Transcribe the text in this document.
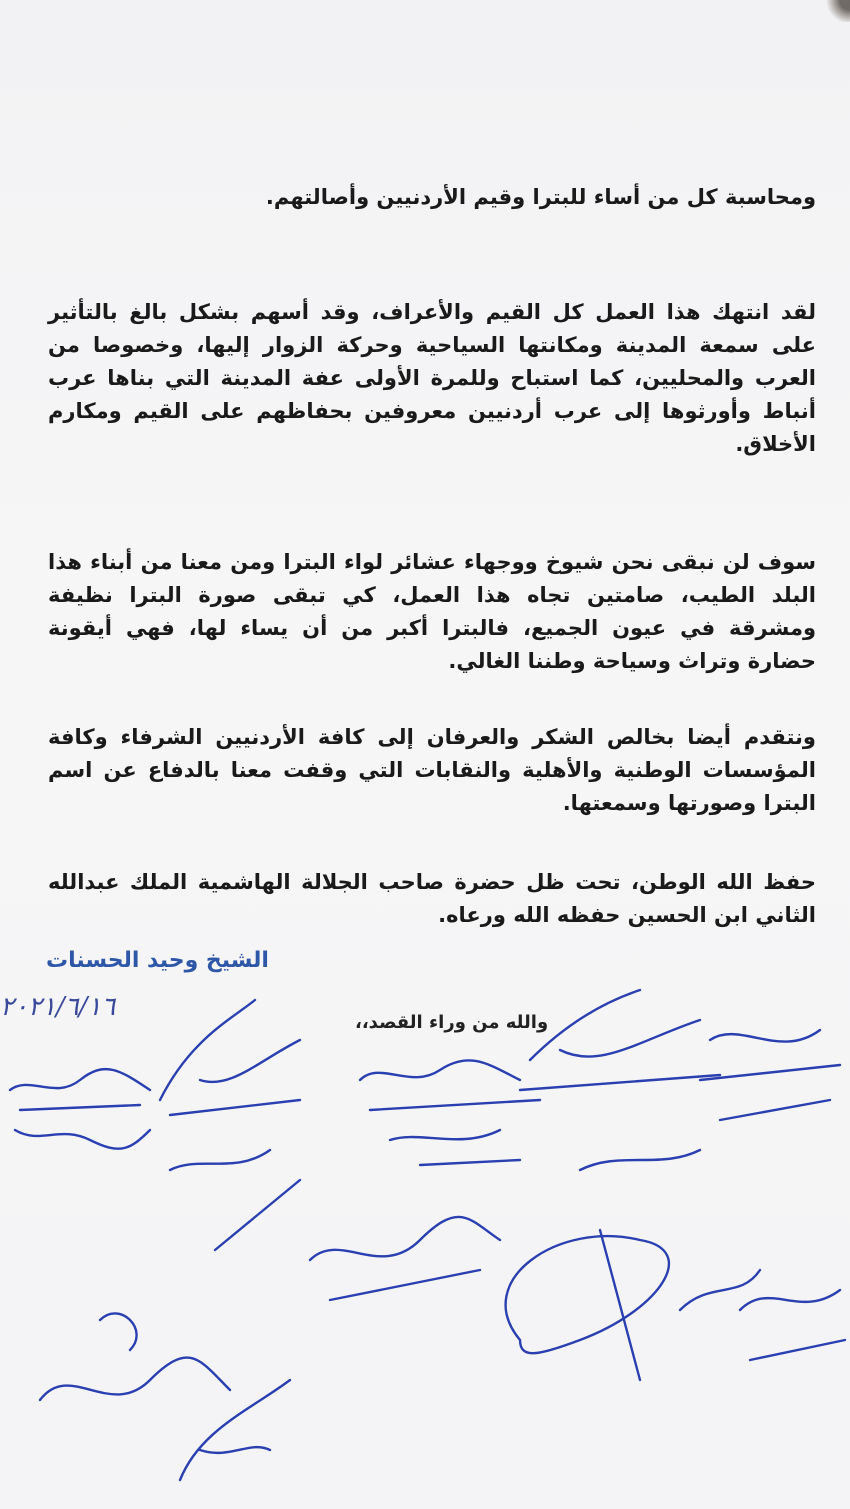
ومحاسبة كل من أساء للبترا وقيم الأردنيين وأصالتهم.

لقد انتهك هذا العمل كل القيم والأعراف، وقد أسهم بشكل بالغ بالتأثير على سمعة المدينة ومكانتها السياحية وحركة الزوار إليها، وخصوصا من العرب والمحليين، كما استباح وللمرة الأولى عفة المدينة التي بناها عرب أنباط وأورثوها إلى عرب أردنيين معروفين بحفاظهم على القيم ومكارم الأخلاق.

سوف لن نبقى نحن شيوخ ووجهاء عشائر لواء البترا ومن معنا من أبناء هذا البلد الطيب، صامتين تجاه هذا العمل، كي تبقى صورة البترا نظيفة ومشرقة في عيون الجميع، فالبترا أكبر من أن يساء لها، فهي أيقونة حضارة وتراث وسياحة وطننا الغالي.

ونتقدم أيضا بخالص الشكر والعرفان إلى كافة الأردنيين الشرفاء وكافة المؤسسات الوطنية والأهلية والنقابات التي وقفت معنا بالدفاع عن اسم البترا وصورتها وسمعتها.

حفظ الله الوطن، تحت ظل حضرة صاحب الجلالة الهاشمية الملك عبدالله الثاني ابن الحسين حفظه الله ورعاه.

الشيخ وحيد الحسنات
٢٠٢١/٦/١٦
والله من وراء القصد،،
